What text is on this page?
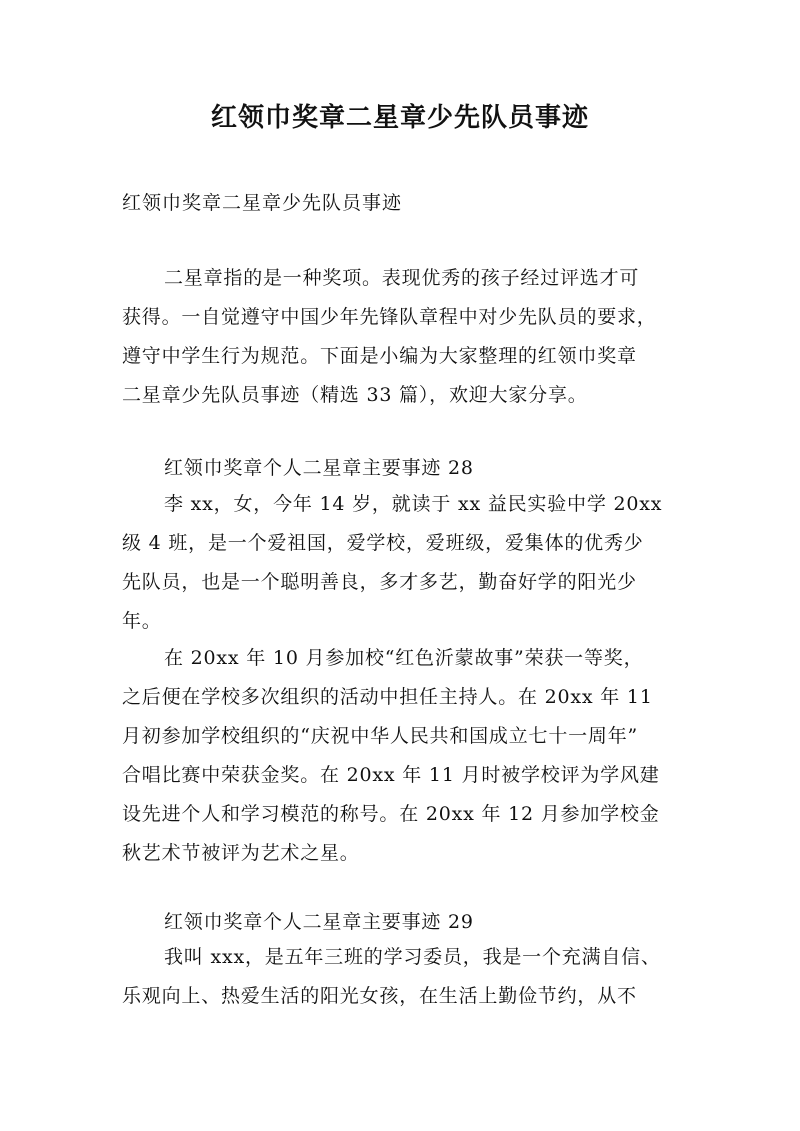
红领巾奖章二星章少先队员事迹
红领巾奖章二星章少先队员事迹
二星章指的是一种奖项。表现优秀的孩子经过评选才可
获得。一自觉遵守中国少年先锋队章程中对少先队员的要求，
遵守中学生行为规范。下面是小编为大家整理的红领巾奖章
二星章少先队员事迹（精选 33 篇），欢迎大家分享。
红领巾奖章个人二星章主要事迹 28
李 xx，女，今年 14 岁，就读于 xx 益民实验中学 20xx
级 4 班，是一个爱祖国，爱学校，爱班级，爱集体的优秀少
先队员，也是一个聪明善良，多才多艺，勤奋好学的阳光少
年。
在 20xx 年 10 月参加校“红色沂蒙故事”荣获一等奖，
之后便在学校多次组织的活动中担任主持人。在 20xx 年 11
月初参加学校组织的“庆祝中华人民共和国成立七十一周年”
合唱比赛中荣获金奖。在 20xx 年 11 月时被学校评为学风建
设先进个人和学习模范的称号。在 20xx 年 12 月参加学校金
秋艺术节被评为艺术之星。
红领巾奖章个人二星章主要事迹 29
我叫 xxx，是五年三班的学习委员，我是一个充满自信、
乐观向上、热爱生活的阳光女孩，在生活上勤俭节约，从不
